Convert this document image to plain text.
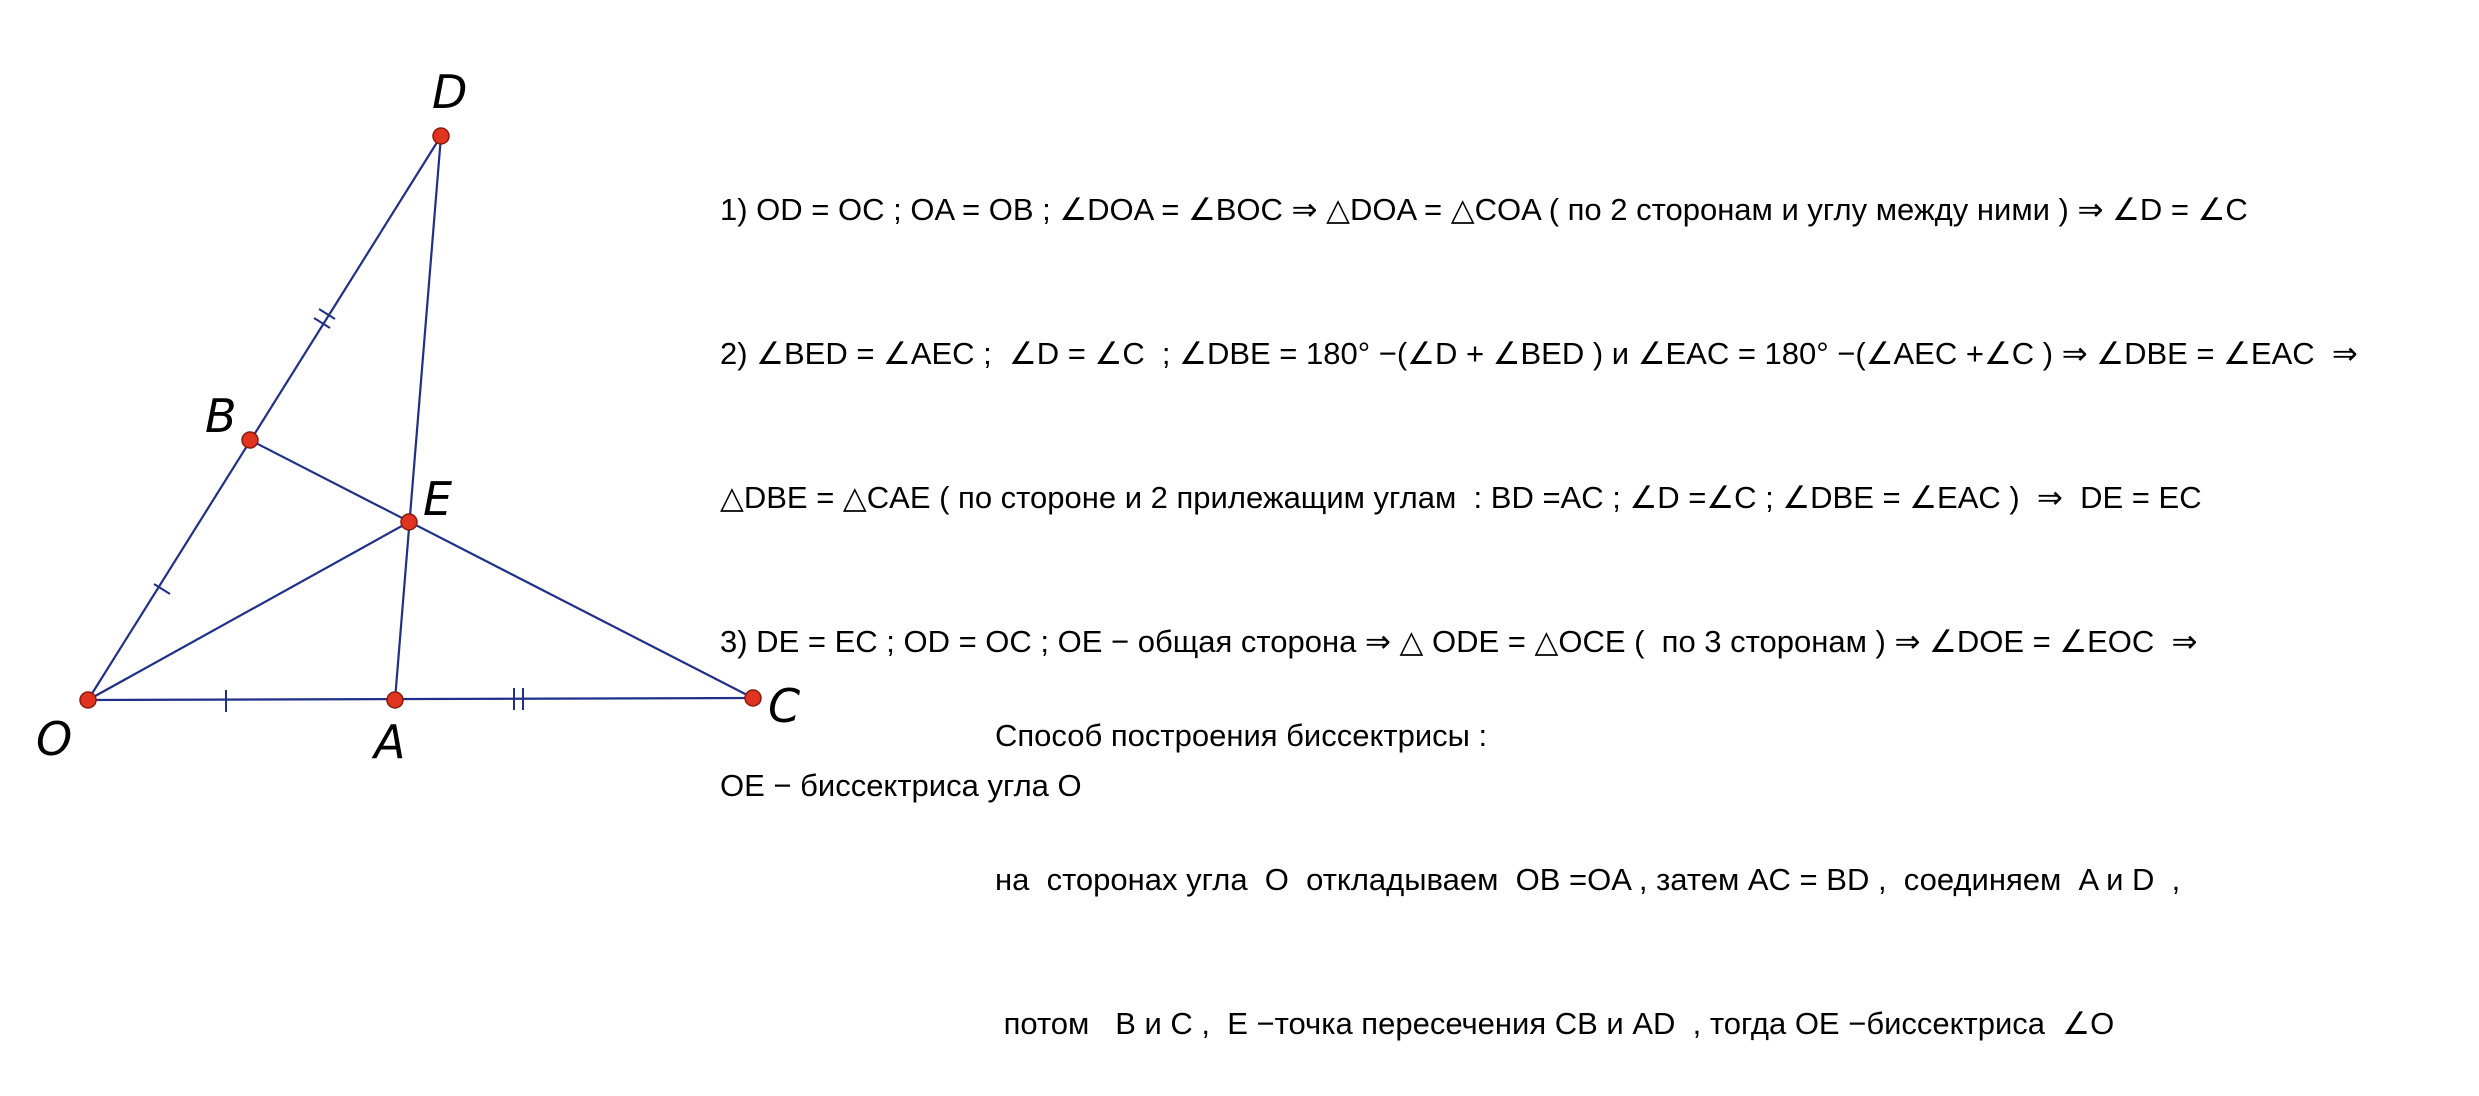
D
B
E
O	A
C

1) OD = OC ; OA = OB ; ∠DOA = ∠BOC ⇒ △DOA = △COA ( по 2 сторонам и углу между ними ) ⇒ ∠D = ∠C

2) ∠BED = ∠AEC ;  ∠D = ∠C  ; ∠DBE = 180° −(∠D + ∠BED ) и ∠EAC = 180° −(∠AEC +∠C ) ⇒ ∠DBE = ∠EAC  ⇒

△DBE = △CAE ( по стороне и 2 прилежащим углам  : BD =AC ; ∠D =∠C ; ∠DBE = ∠EAC )  ⇒  DE = EC

3) DE = EC ; OD = OC ; OE − общая сторона ⇒ △ ODE = △OCE (  по 3 сторонам ) ⇒ ∠DOE = ∠EOC  ⇒

OE − биссектриса угла O

Способ построения биссектрисы :

на  сторонах угла  O  откладываем  OB =OA , затем AC = BD ,  соединяем  A и D  ,

потом   B и C ,  E −точка пересечения CB и AD  , тогда OE −биссектриса  ∠O
